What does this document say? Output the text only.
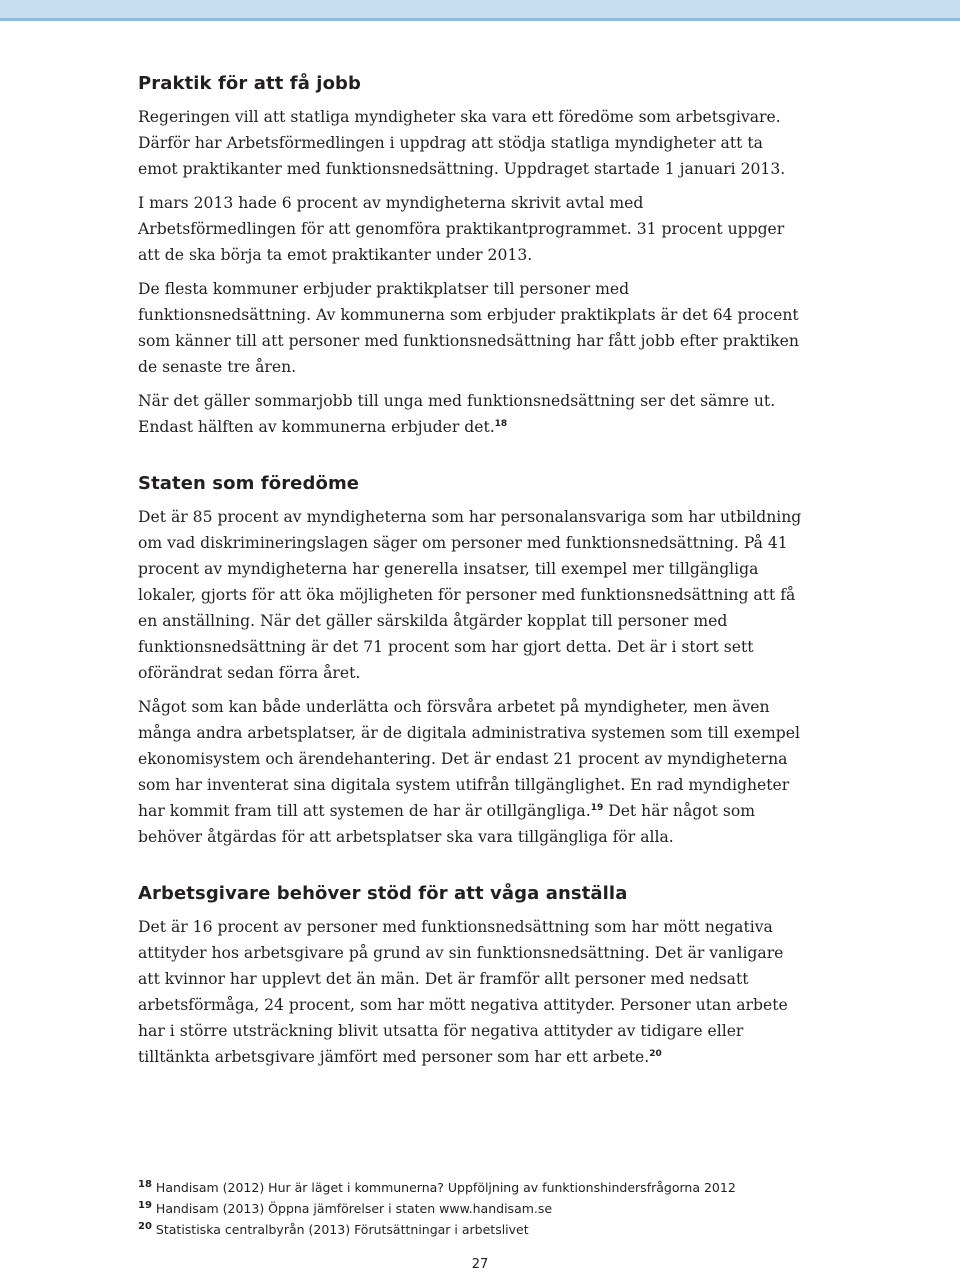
Praktik för att få jobb

Regeringen vill att statliga myndigheter ska vara ett föredöme som arbetsgivare. Därför har Arbetsförmedlingen i uppdrag att stödja statliga myndigheter att ta emot praktikanter med funktionsnedsättning. Uppdraget startade 1 januari 2013.

I mars 2013 hade 6 procent av myndigheterna skrivit avtal med Arbetsförmedlingen för att genomföra praktikantprogrammet. 31 procent uppger att de ska börja ta emot praktikanter under 2013.

De flesta kommuner erbjuder praktikplatser till personer med funktionsnedsättning. Av kommunerna som erbjuder praktikplats är det 64 procent som känner till att personer med funktionsnedsättning har fått jobb efter praktiken de senaste tre åren.

När det gäller sommarjobb till unga med funktionsnedsättning ser det sämre ut. Endast hälften av kommunerna erbjuder det.$^{18}$

Staten som föredöme

Det är 85 procent av myndigheterna som har personalansvariga som har utbildning om vad diskrimineringslagen säger om personer med funktionsnedsättning. På 41 procent av myndigheterna har generella insatser, till exempel mer tillgängliga lokaler, gjorts för att öka möjligheten för personer med funktionsnedsättning att få en anställning. När det gäller särskilda åtgärder kopplat till personer med funktionsnedsättning är det 71 procent som har gjort detta. Det är i stort sett oförändrat sedan förra året.

Något som kan både underlätta och försvåra arbetet på myndigheter, men även många andra arbetsplatser, är de digitala administrativa systemen som till exempel ekonomisystem och ärendehantering. Det är endast 21 procent av myndigheterna som har inventerat sina digitala system utifrån tillgänglighet. En rad myndigheter har kommit fram till att systemen de har är otillgängliga.$^{19}$ Det här något som behöver åtgärdas för att arbetsplatser ska vara tillgängliga för alla.

Arbetsgivare behöver stöd för att våga anställa

Det är 16 procent av personer med funktionsnedsättning som har mött negativa attityder hos arbetsgivare på grund av sin funktionsnedsättning. Det är vanligare att kvinnor har upplevt det än män. Det är framför allt personer med nedsatt arbetsförmåga, 24 procent, som har mött negativa attityder. Personer utan arbete har i större utsträckning blivit utsatta för negativa attityder av tidigare eller tilltänkta arbetsgivare jämfört med personer som har ett arbete.$^{20}$

$^{18}$ Handisam (2012) Hur är läget i kommunerna? Uppföljning av funktionshindersfrågorna 2012
$^{19}$ Handisam (2013) Öppna jämförelser i staten www.handisam.se
$^{20}$ Statistiska centralbyrån (2013) Förutsättningar i arbetslivet
27
